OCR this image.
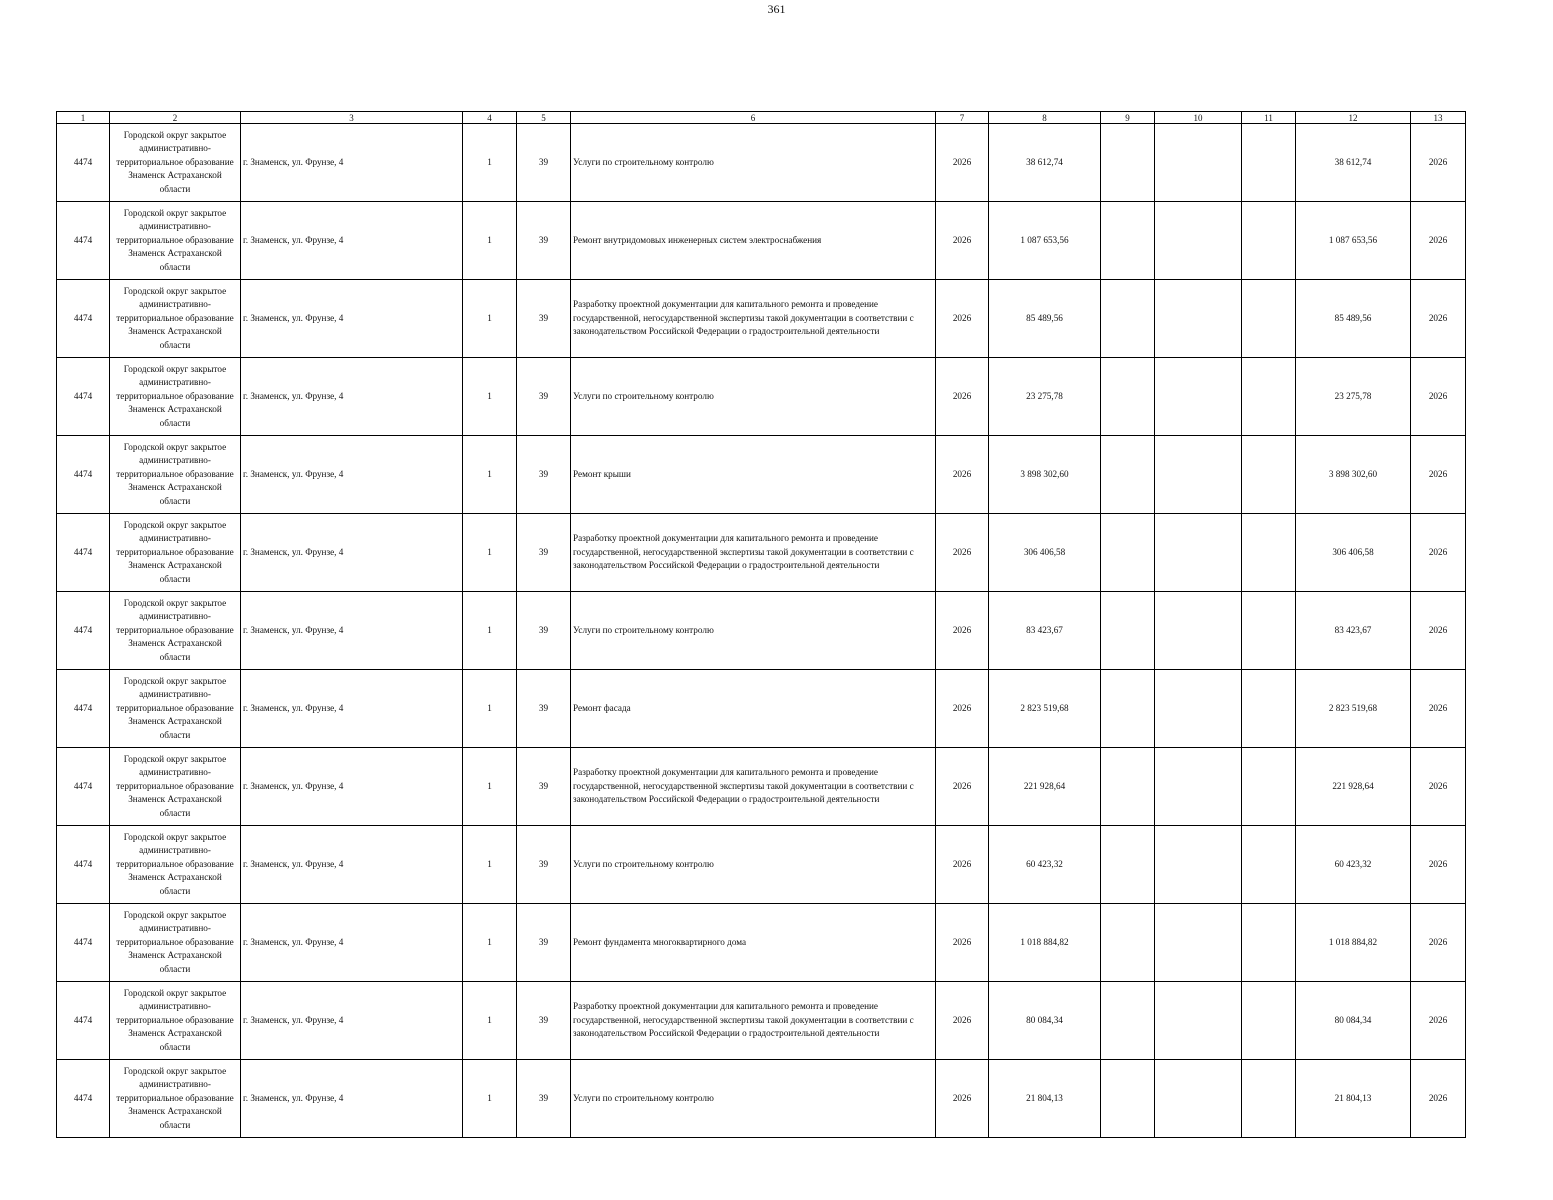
361
1	2	3	4	5	6	7	8	9	10	11	12	13
4474	Городской округ закрытое административно-территориальное образование Знаменск Астраханской области	г. Знаменск, ул. Фрунзе, 4	1	39	Услуги по строительному контролю	2026	38 612,74				38 612,74	2026
4474	Городской округ закрытое административно-территориальное образование Знаменск Астраханской области	г. Знаменск, ул. Фрунзе, 4	1	39	Ремонт внутридомовых инженерных систем электроснабжения	2026	1 087 653,56				1 087 653,56	2026
4474	Городской округ закрытое административно-территориальное образование Знаменск Астраханской области	г. Знаменск, ул. Фрунзе, 4	1	39	Разработку проектной документации для капитального ремонта и проведение государственной, негосударственной экспертизы такой документации в соответствии с законодательством Российской Федерации о градостроительной деятельности	2026	85 489,56				85 489,56	2026
4474	Городской округ закрытое административно-территориальное образование Знаменск Астраханской области	г. Знаменск, ул. Фрунзе, 4	1	39	Услуги по строительному контролю	2026	23 275,78				23 275,78	2026
4474	Городской округ закрытое административно-территориальное образование Знаменск Астраханской области	г. Знаменск, ул. Фрунзе, 4	1	39	Ремонт крыши	2026	3 898 302,60				3 898 302,60	2026
4474	Городской округ закрытое административно-территориальное образование Знаменск Астраханской области	г. Знаменск, ул. Фрунзе, 4	1	39	Разработку проектной документации для капитального ремонта и проведение государственной, негосударственной экспертизы такой документации в соответствии с законодательством Российской Федерации о градостроительной деятельности	2026	306 406,58				306 406,58	2026
4474	Городской округ закрытое административно-территориальное образование Знаменск Астраханской области	г. Знаменск, ул. Фрунзе, 4	1	39	Услуги по строительному контролю	2026	83 423,67				83 423,67	2026
4474	Городской округ закрытое административно-территориальное образование Знаменск Астраханской области	г. Знаменск, ул. Фрунзе, 4	1	39	Ремонт фасада	2026	2 823 519,68				2 823 519,68	2026
4474	Городской округ закрытое административно-территориальное образование Знаменск Астраханской области	г. Знаменск, ул. Фрунзе, 4	1	39	Разработку проектной документации для капитального ремонта и проведение государственной, негосударственной экспертизы такой документации в соответствии с законодательством Российской Федерации о градостроительной деятельности	2026	221 928,64				221 928,64	2026
4474	Городской округ закрытое административно-территориальное образование Знаменск Астраханской области	г. Знаменск, ул. Фрунзе, 4	1	39	Услуги по строительному контролю	2026	60 423,32				60 423,32	2026
4474	Городской округ закрытое административно-территориальное образование Знаменск Астраханской области	г. Знаменск, ул. Фрунзе, 4	1	39	Ремонт фундамента многоквартирного дома	2026	1 018 884,82				1 018 884,82	2026
4474	Городской округ закрытое административно-территориальное образование Знаменск Астраханской области	г. Знаменск, ул. Фрунзе, 4	1	39	Разработку проектной документации для капитального ремонта и проведение государственной, негосударственной экспертизы такой документации в соответствии с законодательством Российской Федерации о градостроительной деятельности	2026	80 084,34				80 084,34	2026
4474	Городской округ закрытое административно-территориальное образование Знаменск Астраханской области	г. Знаменск, ул. Фрунзе, 4	1	39	Услуги по строительному контролю	2026	21 804,13				21 804,13	2026
